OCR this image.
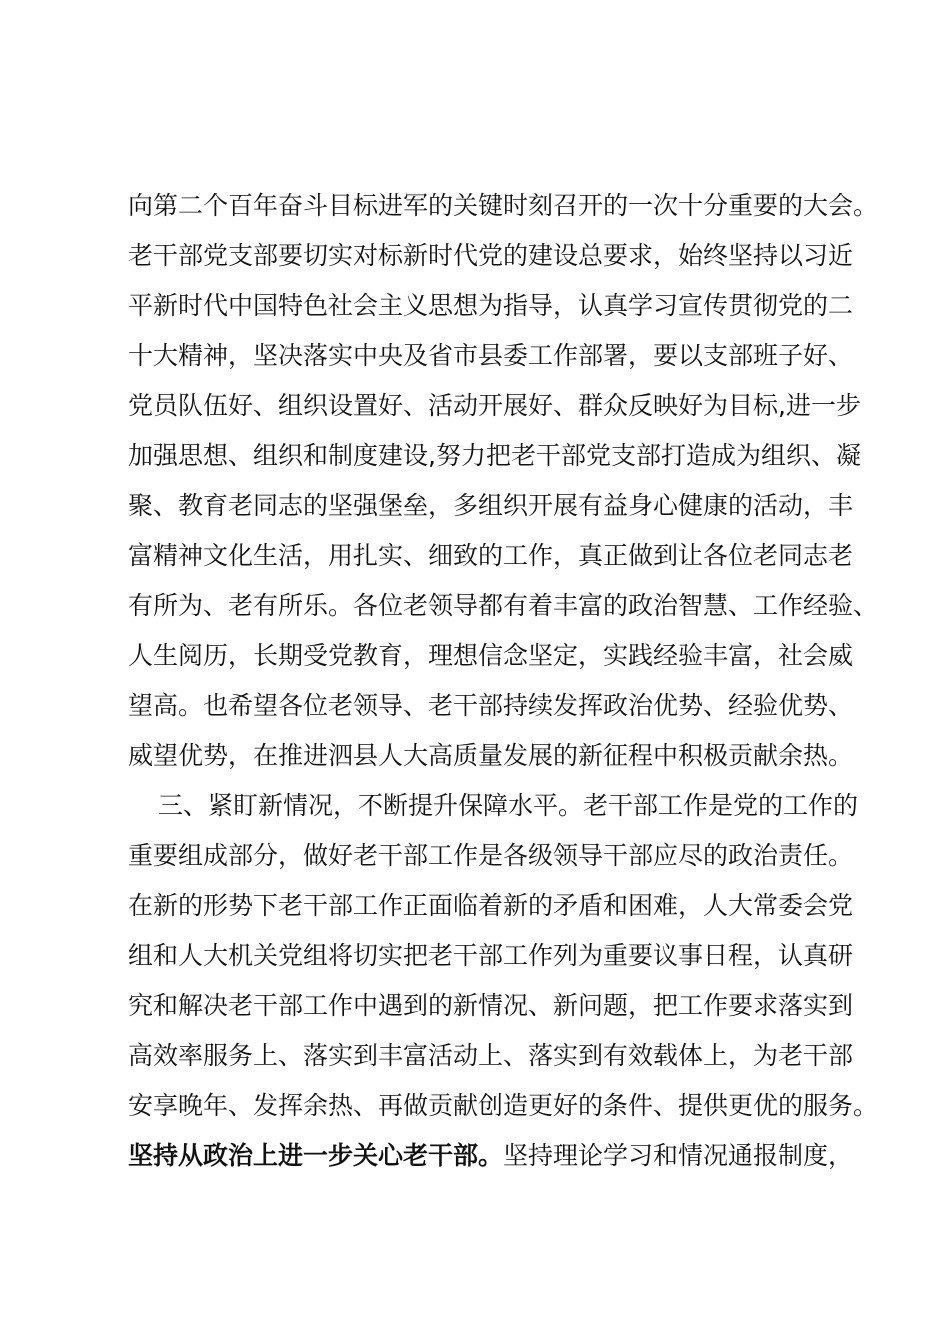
向第二个百年奋斗目标进军的关键时刻召开的一次十分重要的大会。
老干部党支部要切实对标新时代党的建设总要求，始终坚持以习近
平新时代中国特色社会主义思想为指导，认真学习宣传贯彻党的二
十大精神，坚决落实中央及省市县委工作部署，要以支部班子好、
党员队伍好、组织设置好、活动开展好、群众反映好为目标,进一步
加强思想、组织和制度建设,努力把老干部党支部打造成为组织、凝
聚、教育老同志的坚强堡垒，多组织开展有益身心健康的活动，丰
富精神文化生活，用扎实、细致的工作，真正做到让各位老同志老
有所为、老有所乐。各位老领导都有着丰富的政治智慧、工作经验、
人生阅历，长期受党教育，理想信念坚定，实践经验丰富，社会威
望高。也希望各位老领导、老干部持续发挥政治优势、经验优势、
威望优势，在推进泗县人大高质量发展的新征程中积极贡献余热。
三、紧盯新情况，不断提升保障水平。老干部工作是党的工作的
重要组成部分，做好老干部工作是各级领导干部应尽的政治责任。
在新的形势下老干部工作正面临着新的矛盾和困难，人大常委会党
组和人大机关党组将切实把老干部工作列为重要议事日程，认真研
究和解决老干部工作中遇到的新情况、新问题，把工作要求落实到
高效率服务上、落实到丰富活动上、落实到有效载体上，为老干部
安享晚年、发挥余热、再做贡献创造更好的条件、提供更优的服务。
坚持从政治上进一步关心老干部。坚持理论学习和情况通报制度，
